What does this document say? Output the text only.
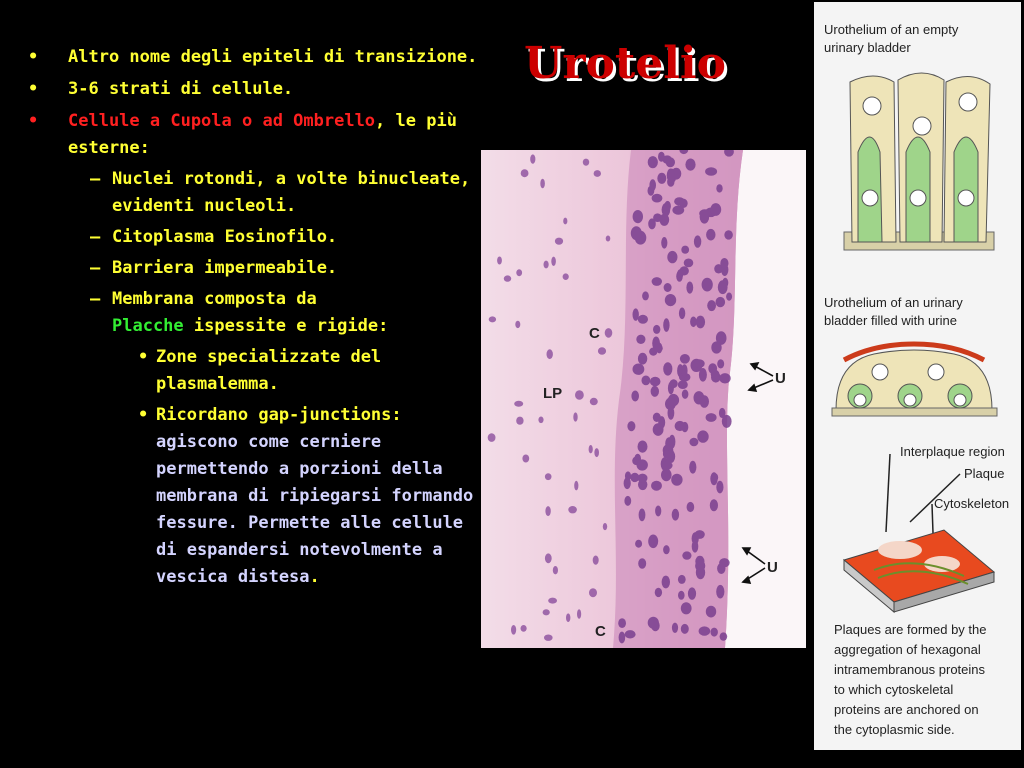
Urotelio
• Altro nome degli epiteli di transizione.
• 3-6 strati di cellule.
• Cellule a Cupola o ad Ombrello, le più esterne:
– Nuclei rotondi, a volte binucleate, evidenti nucleoli.
– Citoplasma Eosinofilo.
– Barriera impermeabile.
– Membrana composta da
Placche ispessite e rigide:
• Zone specializzate del plasmalemma.
• Ricordano gap-junctions: agiscono come cerniere permettendo a porzioni della membrana di ripiegarsi formando fessure. Permette alle cellule di espandersi notevolmente a vescica distesa.
C
LP
U
U
C
Urothelium of an empty
urinary bladder
Urothelium of an urinary
bladder filled with urine
Interplaque region
Plaque
Cytoskeleton
Plaques are formed by the
aggregation of hexagonal
intramembranous proteins
to which cytoskeletal
proteins are anchored on
the cytoplasmic side.
